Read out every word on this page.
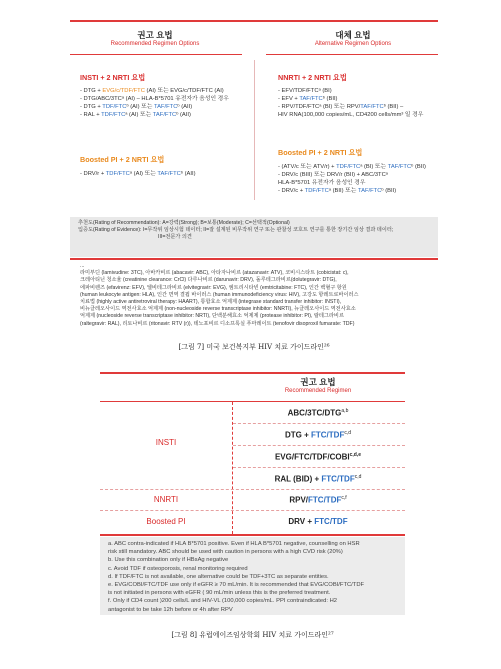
권고 요법
Recommended Regimen Options
대체 요법
Alternative Regimen Options
INSTI + 2 NRTI 요법
- DTG + EVG/c/TDF/FTC (AI) 또는 EVG/c/TDF/FTC (AI)
- DTG/ABC/3TCᵃ (AI) – HLA-B*5701 유전자가 음성인 경우
- DTG + TDF/FTCᵇ (AI) 또는 TAF/FTCᵇ (AII)
- RAL + TDF/FTCᵃ (AI) 또는 TAF/FTCᵇ (AII)
Boosted PI + 2 NRTI 요법
- DRV/r + TDF/FTCᵃ (AI) 또는 TAF/FTCᵇ (AII)
NNRTI + 2 NRTI 요법
- EFV/TDF/FTCᵃ (BI)
- EFV + TAF/FTCᵇ (BII)
- RPV/TDF/FTCᵃ (BI) 또는 RPV/TAF/FTCᵇ (BII) –
HIV RNA(100,000 copies/mL, CD4200 cells/mm³ 일 경우
Boosted PI + 2 NRTI 요법
- (ATV/c 또는 ATV/r) + TDF/FTCᵃ (BI) 또는 TAF/FTCᵇ (BII)
- DRV/c (BIII) 또는 DRV/r (BII) + ABC/3TCᵃ
HLA-B*5701 유전자가 음성인 경우
- DRV/c + TDF/FTCᵃ (BII) 또는 TAF/FTCᵇ (BII)
추천도(Rating of Recommendation): A=강력(Strong); B=보통(Moderate); C=선택적(Optional)
입증도(Rating of Evidence): I=무작위 임상시험 데이터; II=잘 설계된 비무작위 연구 또는 관찰성 코호트 연구를 통한 장기간 임상 결과 데이터;
III=전문가 의견
...
라미부딘 (lamivudine: 3TC), 아바카비르 (abacavir: ABC), 아타자나비르 (atazanavir: ATV), 코비시스타트 (cobicistat: c),
크레아티닌 청소율 (creatinine clearance: CrCl) 다루나비르 (darunavir: DRV), 돌루테그라비르(dolutegravir: DTG),
에파비렌즈 (efavirenz: EFV), 엘비테그라비르 (elvitegravir: EVG), 엠트리시타빈 (emtricitabine: FTC), 인간 백혈구 항원
(human leukocyte antigen: HLA), 인간 면역 결핍 바이러스 (human immunodeficiency virus: HIV), 고강도 항레트로바이러스
치료법 (highly active antiretroviral therapy: HAART), 통합효소 억제제 (integrase standard transfer inhibitor: INSTI),
비뉴클레오사이드 역전사효소 억제제 (non-nucleoside reverse transcriptase inhibitor: NNRTI), 뉴클레오사이드 역전사효소
억제제 (nucleoside reverse transcriptase inhibitor: NRTI), 단백분해효소 억제제 (protease inhibitor: PI), 랄테그라비르
(raltegravir: RAL), 리토나비르 (ritonavir: RTV (r)), 테노포비르 디소프록실 푸마레이트 (tenofovir disoproxil fumarate: TDF)
[그림 7] 미국 보건복지부 HIV 치료 가이드라인²⁶
권고 요법
Recommended Regimen
INSTI
ABC/3TC/DTG$^{a,b}$
DTG + FTC/TDF$^{c,d}$
EVG/FTC/TDF/COBI$^{c,d,e}$
RAL (BID) + FTC/TDF$^{c,d}$
NNRTI	RPV/FTC/TDF$^{c,f}$
Boosted PI	DRV + FTC/TDF
a. ABC contra-indicated if HLA B*5701 positive. Even if HLA B*5701 negative, counselling on HSR
risk still mandatory. ABC should be used with caution in persons with a high CVD risk (20%)
b. Use this combination only if HBsAg negative
c. Avoid TDF if osteoporosis, renal monitoring required
d. If TDF/FTC is not available, one alternative could be TDF+3TC as separate entities.
e. EVG/COBI/FTC/TDF use only if eGFR ≥ 70 mL/min. It is recommended that EVG/COBI/FTC/TDF
is not initiated in persons with eGFR ( 90 mL/min unless this is the preferred treatment.
f. Only if CD4 count )200 cells/L and HIV-VL (100,000 copies/mL. PPI contraindicated: H2
antagonist to be take 12h before or 4h after RPV
[그림 8] 유럽에이즈임상학회 HIV 치료 가이드라인²⁷
